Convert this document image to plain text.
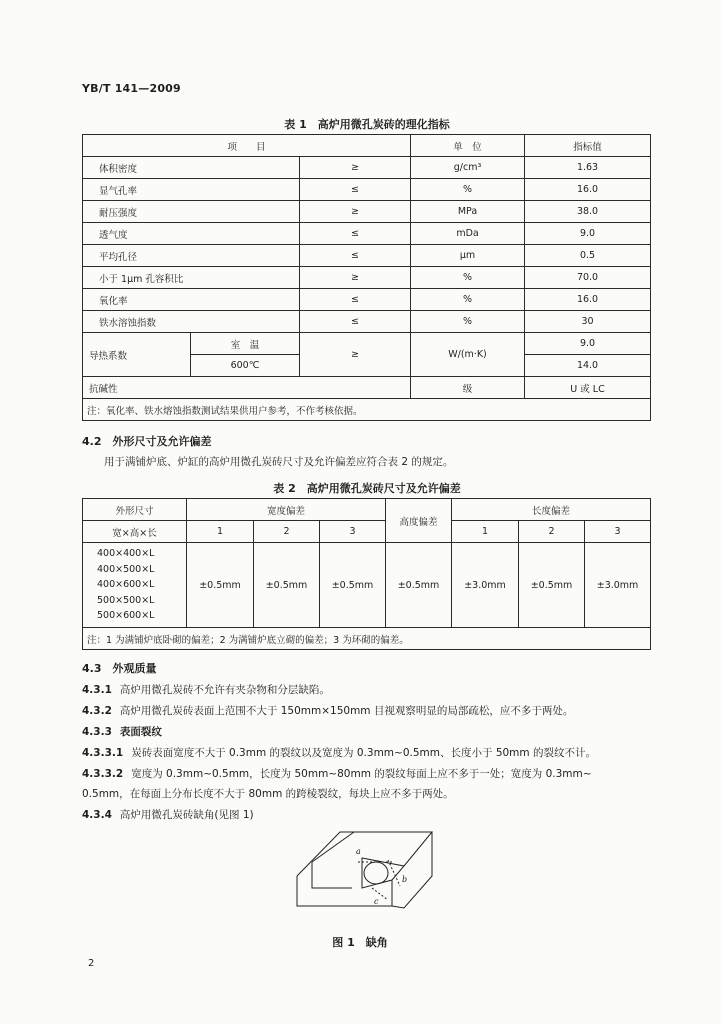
YB/T 141—2009
表 1　高炉用微孔炭砖的理化指标
项　　目			单　位	指标值
体积密度		≥	g/cm³	1.63
显气孔率		≤	%	16.0
耐压强度		≥	MPa	38.0
透气度		≤	mDa	9.0
平均孔径		≤	μm	0.5
小于 1μm 孔容积比		≥	%	70.0
氧化率		≤	%	16.0
铁水溶蚀指数		≤	%	30
导热系数	室　温	≥	W/(m·K)	9.0
	600℃			14.0
抗碱性			级	U 或 LC
注：氧化率、铁水熔蚀指数测试结果供用户参考，不作考核依据。				
4.2　外形尺寸及允许偏差
用于满铺炉底、炉缸的高炉用微孔炭砖尺寸及允许偏差应符合表 2 的规定。
表 2　高炉用微孔炭砖尺寸及允许偏差
外形尺寸	宽度偏差			高度偏差	长度偏差		
宽×高×长	1	2	3		1	2	3

400×400×L
400×500×L
400×600×L
500×500×L
500×600×L	±0.5mm	±0.5mm	±0.5mm	±0.5mm	±3.0mm	±0.5mm	±3.0mm
注：1 为满铺炉底卧砌的偏差；2 为满铺炉底立砌的偏差；3 为环砌的偏差。							
4.3　外观质量
4.3.1 高炉用微孔炭砖不允许有夹杂物和分层缺陷。
4.3.2 高炉用微孔炭砖表面上范围不大于 150mm×150mm 目视观察明显的局部疏松，应不多于两处。
4.3.3 表面裂纹
4.3.3.1 炭砖表面宽度不大于 0.3mm 的裂纹以及宽度为 0.3mm~0.5mm、长度小于 50mm 的裂纹不计。
4.3.3.2 宽度为 0.3mm~0.5mm，长度为 50mm~80mm 的裂纹每面上应不多于一处；宽度为 0.3mm~
0.5mm，在每面上分布长度不大于 80mm 的跨棱裂纹，每块上应不多于两处。
4.3.4 高炉用微孔炭砖缺角(见图 1)
a
b
c
图 1　缺角
2
